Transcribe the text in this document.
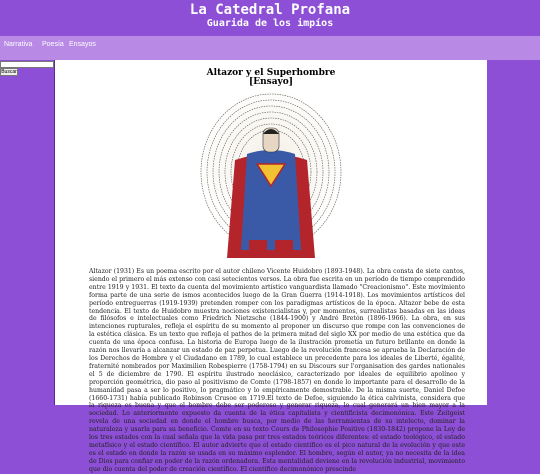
La Catedral Profana
Guarida de los impíos
Narrativa Poesía Ensayos
Buscar	Altazor y el Superhombre
[Ensayo]

Altazor (1931) Es un poema escrito por el autor chileno Vicente Huidobro (1893-1948). La obra consta de siete cantos, siendo el primero el más extenso con casi setecientos versos. La obra fue escrita en un período de tiempo comprendido entre 1919 y 1931. El texto da cuenta del movimiento artístico vanguardista llamado "Creacionismo". Este movimiento forma parte de una serie de ismos acontecidos luego de la Gran Guerra (1914-1918). Los movimientos artísticos del período entreguerras (1919-1939) pretenden romper con los paradigmas artísticos de la época. Altazor bebe de esta tendencia. El texto de Huidobro muestra nociones existencialistas y, por momentos, surrealistas basadas en las ideas de filósofos e intelectuales como Friedrich Nietzsche (1844-1900) y André Bretón (1896-1966). La obra, en sus intenciones rupturales, refleja el espíritu de su momento al proponer un discurso que rompe con las convenciones de la estética clásica. Es un texto que refleja el pathos de la primera mitad del siglo XX por medio de una estética que da cuenta de una época confusa. La historia de Europa luego de la ilustración prometía un futuro brillante en donde la razón nos llevaría a alcanzar un estado de paz perpetua. Luego de la revolución francesa se aprueba la Declaración de los Derechos de Hombre y el Ciudadano en 1789, lo cual establece un precedente para los ideales de Liberté, égalité, fraternité nombrados por Maximilien Robespierre (1758-1794) en su Discours sur l'organisation des gardes nationales el 5 de diciembre de 1790. El espíritu ilustrado neoclásico, caracterizado por ideales de equilibrio apolíneo y proporción geométrica, dio paso al positivismo de Comte (1798-1857) en donde lo importante para el desarrollo de la humanidad pasa a ser lo positivo, lo pragmático y lo empíricamente demostrable. De la misma suerte, Daniel Defoe (1660-1731) había publicado Robinson Crusoe en 1719.El texto de Defoe, siguiendo la ética calvinista, considera que la riqueza es buena y que el hombre debe ser poderoso y generar riqueza, lo cual generará un bien mayor a la sociedad. Lo anteriormente expuesto da cuenta de la ética capitalista y cientificista decimonónica. Este Zeitgeist revela de una sociedad en donde el hombre busca, por medio de las herramientas de su intelecto, dominar la naturaleza y usarla para su beneficio. Comte en su texto Cours de Philosophie Positive (1830-1842) propone la Ley de los tres estados con la cual señala que la vida pasa por tres estados teóricos diferentes: el estado teológico, el estado metafísico y el estado científico. El autor advierte que el estado científico es el pico natural de la evolución y que este es el estado en donde la razón se usada en su máximo esplendor. El hombre, según el autor, ya no necesita de la idea de Dios para confiar en poder de la razón ordenadora. Esta mentalidad deviene en la revolución industrial, movimiento que dio cuenta del poder de creación científico. El científico decimonónico prescinde
